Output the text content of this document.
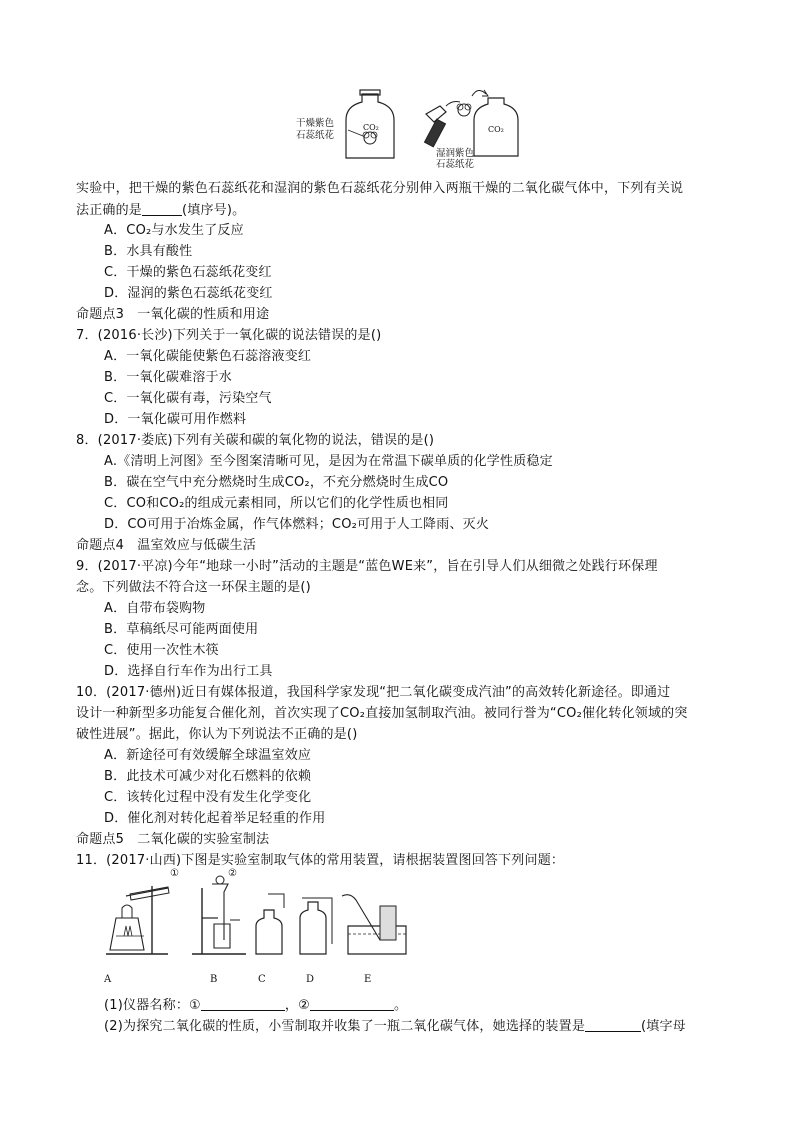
干燥紫色
石蕊纸花
CO₂	CO₂
湿润紫色
石蕊纸花
实验中，把干燥的紫色石蕊纸花和湿润的紫色石蕊纸花分别伸入两瓶干燥的二氧化碳气体中，下列有关说
法正确的是	(填序号)。
A．CO₂与水发生了反应
B．水具有酸性
C．干燥的紫色石蕊纸花变红
D．湿润的紫色石蕊纸花变红
命题点3　一氧化碳的性质和用途
7．(2016·长沙)下列关于一氧化碳的说法错误的是()
A．一氧化碳能使紫色石蕊溶液变红
B．一氧化碳难溶于水
C．一氧化碳有毒，污染空气
D．一氧化碳可用作燃料
8．(2017·娄底)下列有关碳和碳的氧化物的说法，错误的是()
A.《清明上河图》至今图案清晰可见，是因为在常温下碳单质的化学性质稳定
B．碳在空气中充分燃烧时生成CO₂，不充分燃烧时生成CO
C．CO和CO₂的组成元素相同，所以它们的化学性质也相同
D．CO可用于冶炼金属，作气体燃料；CO₂可用于人工降雨、灭火
命题点4　温室效应与低碳生活
9．(2017·平凉)今年“地球一小时”活动的主题是“蓝色WE来”，旨在引导人们从细微之处践行环保理
念。下列做法不符合这一环保主题的是()
A．自带布袋购物
B．草稿纸尽可能两面使用
C．使用一次性木筷
D．选择自行车作为出行工具
10．(2017·德州)近日有媒体报道，我国科学家发现“把二氧化碳变成汽油”的高效转化新途径。即通过
设计一种新型多功能复合催化剂，首次实现了CO₂直接加氢制取汽油。被同行誉为“CO₂催化转化领域的突
破性进展”。据此，你认为下列说法不正确的是()
A．新途径可有效缓解全球温室效应
B．此技术可减少对化石燃料的依赖
C．该转化过程中没有发生化学变化
D．催化剂对转化起着举足轻重的作用
命题点5　二氧化碳的实验室制法
11．(2017·山西)下图是实验室制取气体的常用装置，请根据装置图回答下列问题：
①	②
A	B	C	D	E
(1)仪器名称：①	，②	。
(2)为探究二氧化碳的性质，小雪制取并收集了一瓶二氧化碳气体，她选择的装置是	(填字母
